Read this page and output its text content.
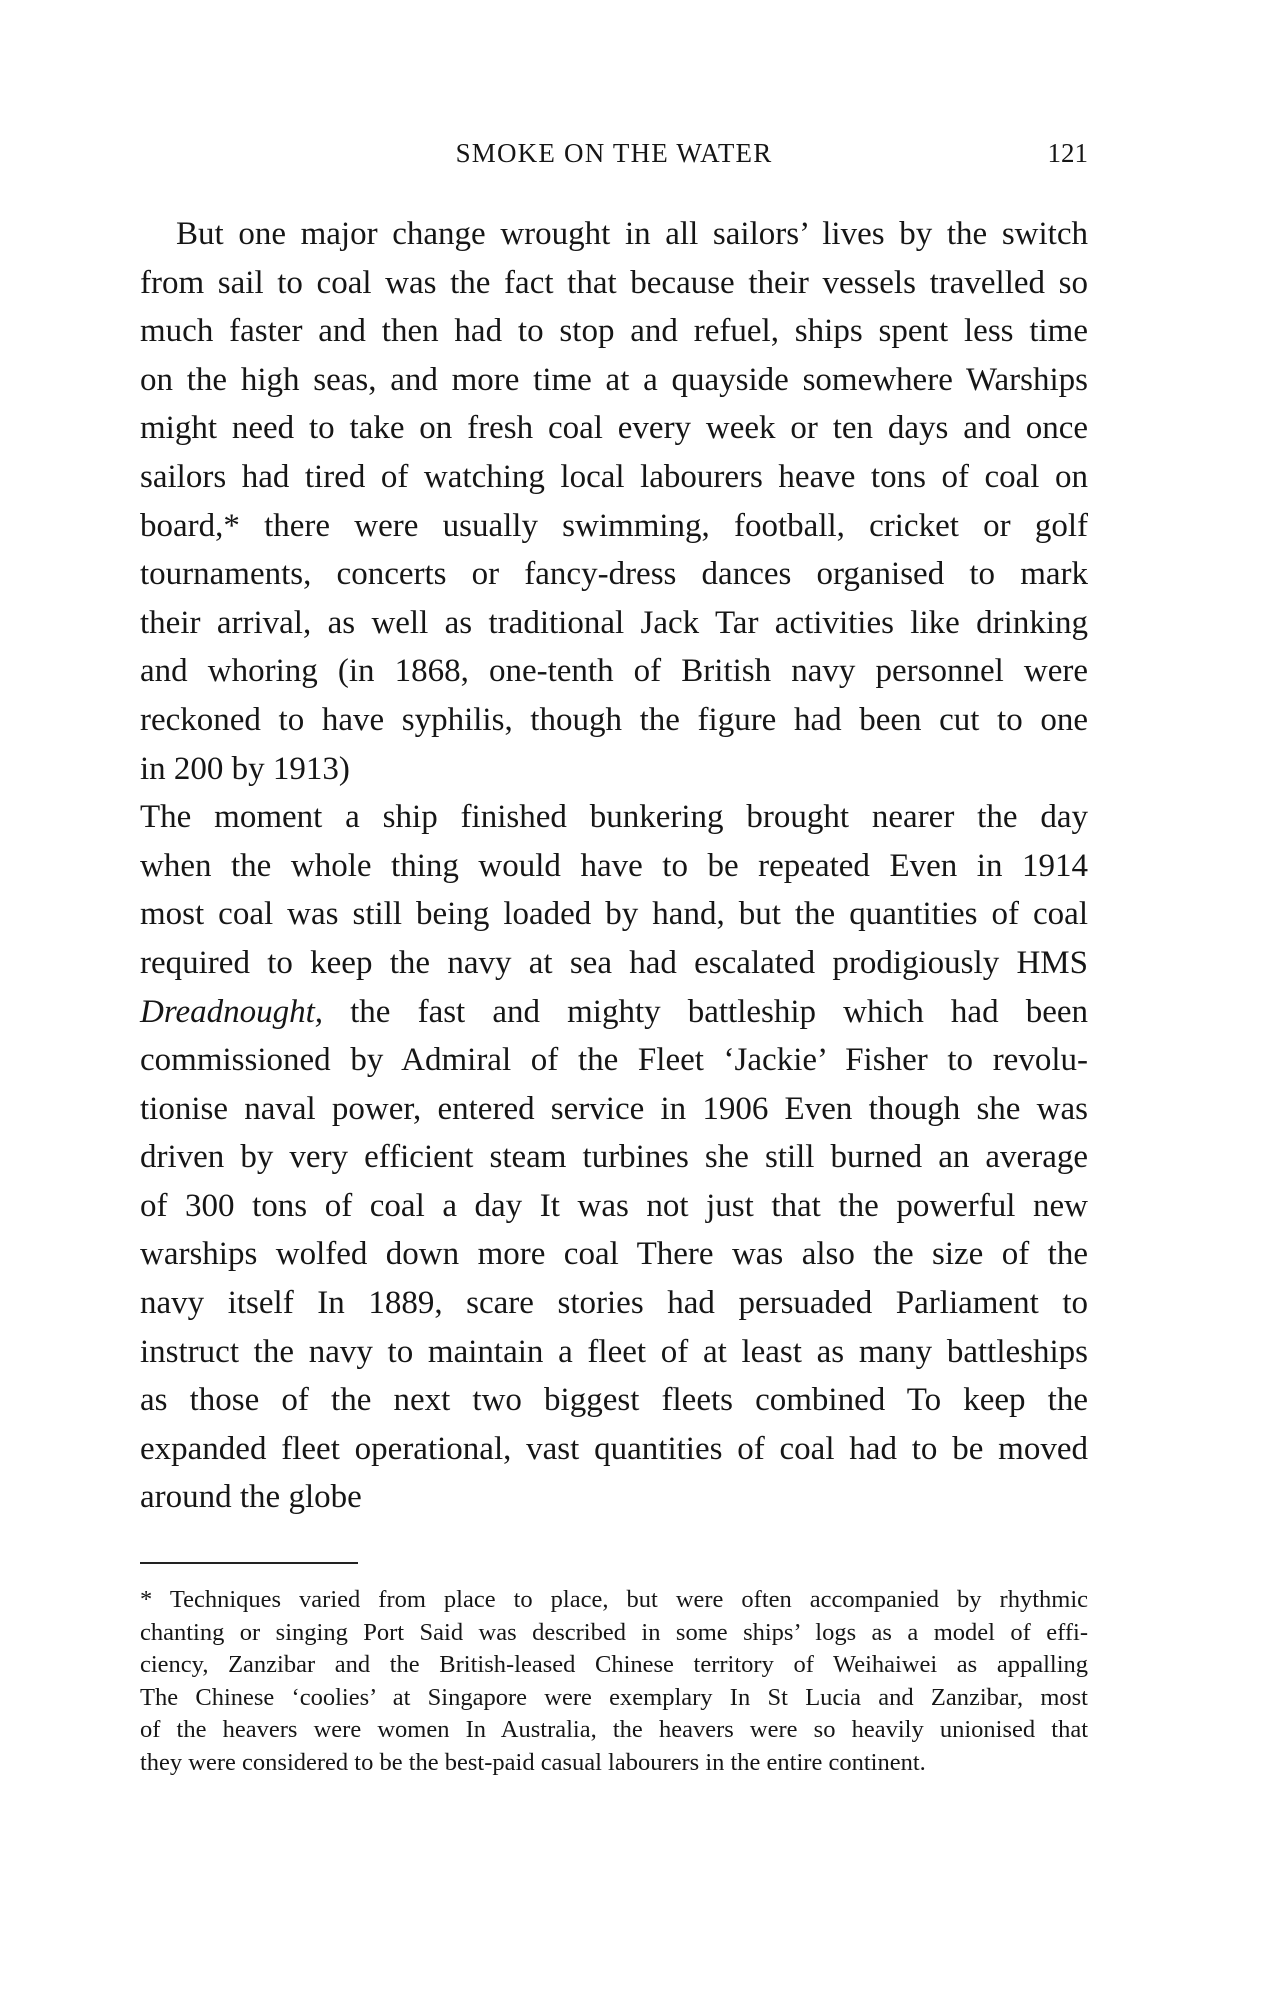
SMOKE ON THE WATER	121
But one major change wrought in all sailors’ lives by the switch
from sail to coal was the fact that because their vessels travelled so
much faster and then had to stop and refuel, ships spent less time
on the high seas, and more time at a quayside somewhere Warships
might need to take on fresh coal every week or ten days and once
sailors had tired of watching local labourers heave tons of coal on
board,* there were usually swimming, football, cricket or golf
tournaments, concerts or fancy-dress dances organised to mark
their arrival, as well as traditional Jack Tar activities like drinking
and whoring (in 1868, one-tenth of British navy personnel were
reckoned to have syphilis, though the figure had been cut to one
in 200 by 1913)
The moment a ship finished bunkering brought nearer the day
when the whole thing would have to be repeated Even in 1914
most coal was still being loaded by hand, but the quantities of coal
required to keep the navy at sea had escalated prodigiously HMS
Dreadnought, the fast and mighty battleship which had been
commissioned by Admiral of the Fleet ‘Jackie’ Fisher to revolu-
tionise naval power, entered service in 1906 Even though she was
driven by very efficient steam turbines she still burned an average
of 300 tons of coal a day It was not just that the powerful new
warships wolfed down more coal There was also the size of the
navy itself In 1889, scare stories had persuaded Parliament to
instruct the navy to maintain a fleet of at least as many battleships
as those of the next two biggest fleets combined To keep the
expanded fleet operational, vast quantities of coal had to be moved
around the globe
* Techniques varied from place to place, but were often accompanied by rhythmic
chanting or singing Port Said was described in some ships’ logs as a model of effi-
ciency, Zanzibar and the British-leased Chinese territory of Weihaiwei as appalling
The Chinese ‘coolies’ at Singapore were exemplary In St Lucia and Zanzibar, most
of the heavers were women In Australia, the heavers were so heavily unionised that
they were considered to be the best-paid casual labourers in the entire continent.
